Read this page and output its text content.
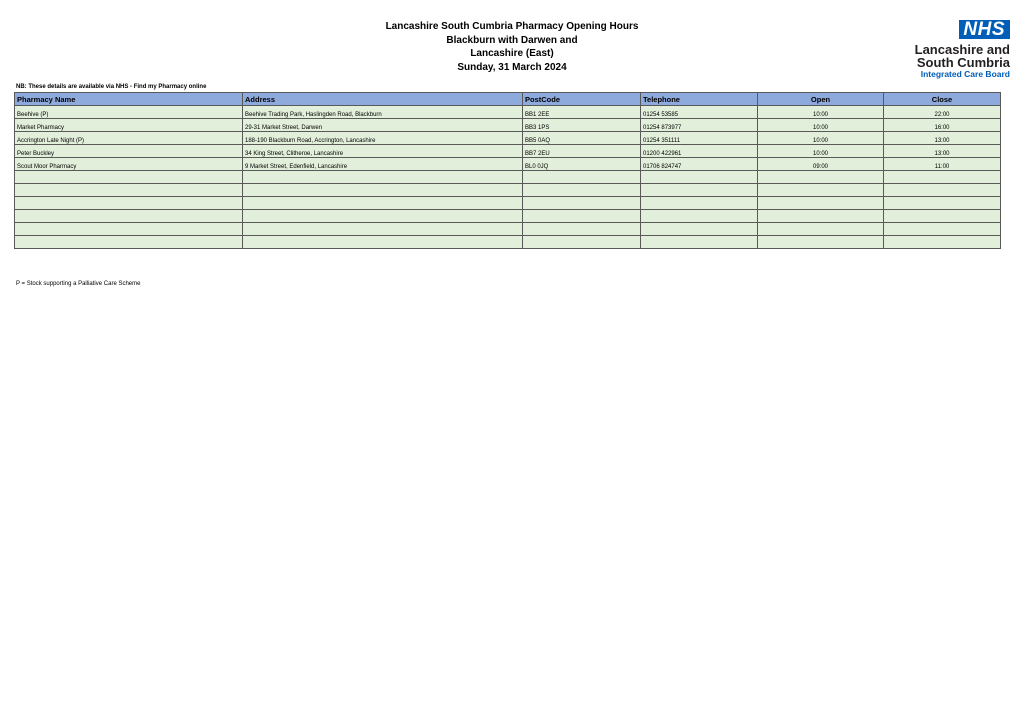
Lancashire South Cumbria Pharmacy Opening Hours
Blackburn with Darwen and
Lancashire (East)
Sunday, 31 March 2024
NHS
Lancashire and
South Cumbria
Integrated Care Board
NB: These details are available via NHS - Find my Pharmacy online
Pharmacy Name	Address	PostCode	Telephone	Open	Close
Beehive (P)	Beehive Trading Park, Haslingden Road, Blackburn	BB1 2EE	01254 53585	10:00	22:00
Market Pharmacy	29-31 Market Street, Darwen	BB3 1PS	01254 873977	10:00	16:00
Accrington Late Night (P)	188-190 Blackburn Road, Accrington, Lancashire	BB5 0AQ	01254 351111	10:00	13:00
Peter Buckley	34 King Street, Clitheroe, Lancashire	BB7 2EU	01200 422961	10:00	13:00
Scout Moor Pharmacy	9 Market Street, Edenfield, Lancashire	BL0 0JQ	01706 824747	09:00	11:00

P = Stock supporting a Palliative Care Scheme
